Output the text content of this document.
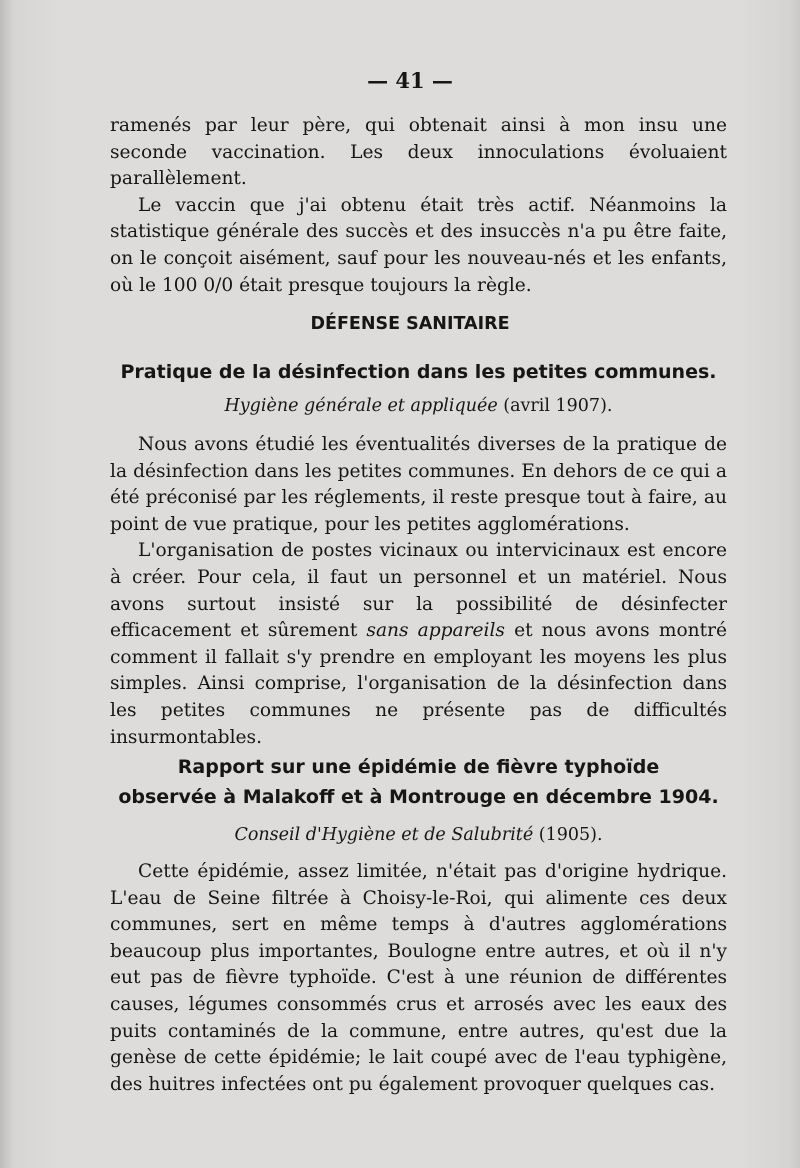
— 41 —

ramenés par leur père, qui obtenait ainsi à mon insu une seconde vaccination. Les deux innoculations évoluaient parallèlement.

Le vaccin que j'ai obtenu était très actif. Néanmoins la statistique générale des succès et des insuccès n'a pu être faite, on le conçoit aisément, sauf pour les nouveau-nés et les enfants, où le 100 0/0 était presque toujours la règle.

DÉFENSE SANITAIRE
Pratique de la désinfection dans les petites communes.
Hygiène générale et appliquée (avril 1907).

Nous avons étudié les éventualités diverses de la pratique de la désinfection dans les petites communes. En dehors de ce qui a été préconisé par les réglements, il reste presque tout à faire, au point de vue pratique, pour les petites agglomérations.

L'organisation de postes vicinaux ou intervicinaux est encore à créer. Pour cela, il faut un personnel et un matériel. Nous avons surtout insisté sur la possibilité de désinfecter efficacement et sûrement sans appareils et nous avons montré comment il fallait s'y prendre en employant les moyens les plus simples. Ainsi comprise, l'organisation de la désinfection dans les petites communes ne présente pas de difficultés insurmontables.

Rapport sur une épidémie de fièvre typhoïde
observée à Malakoff et à Montrouge en décembre 1904.
Conseil d'Hygiène et de Salubrité (1905).

Cette épidémie, assez limitée, n'était pas d'origine hydrique. L'eau de Seine filtrée à Choisy-le-Roi, qui alimente ces deux communes, sert en même temps à d'autres agglomérations beaucoup plus importantes, Boulogne entre autres, et où il n'y eut pas de fièvre typhoïde. C'est à une réunion de différentes causes, légumes consommés crus et arrosés avec les eaux des puits contaminés de la commune, entre autres, qu'est due la genèse de cette épidémie; le lait coupé avec de l'eau typhigène, des huitres infectées ont pu également provoquer quelques cas.
